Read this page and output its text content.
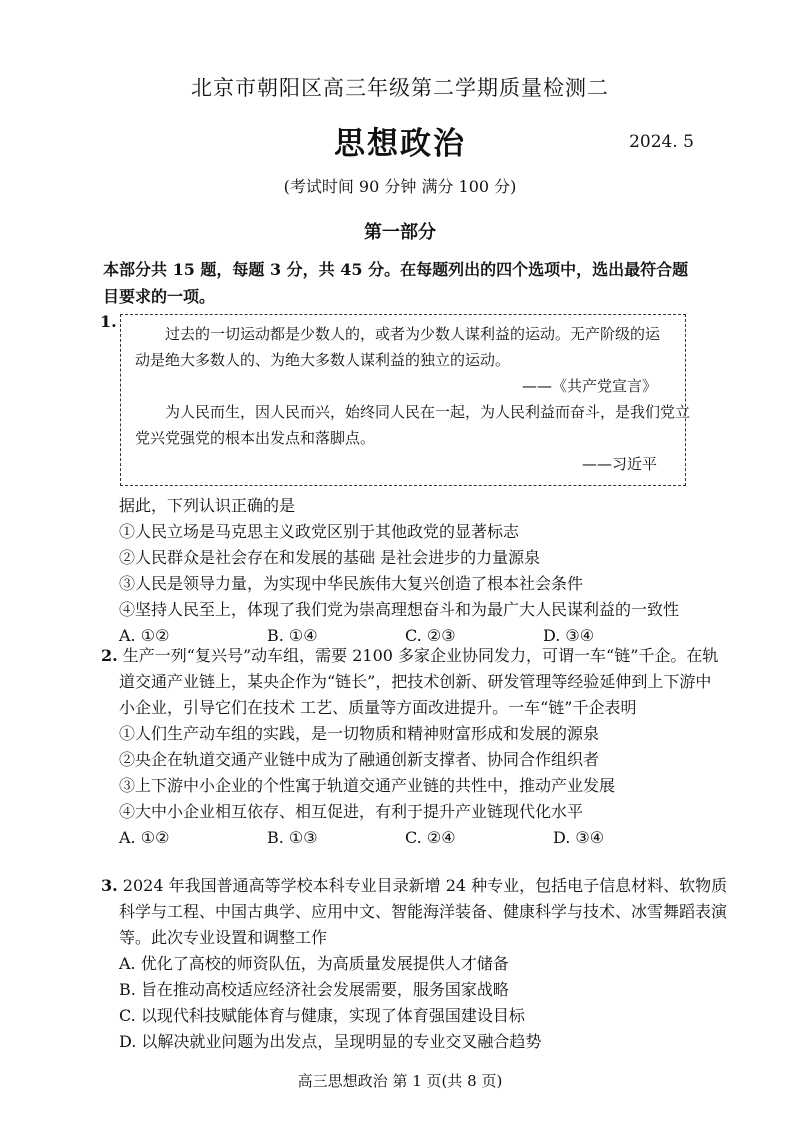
北京市朝阳区高三年级第二学期质量检测二
思想政治	2024. 5
(考试时间 90 分钟 满分 100 分)
第一部分
本部分共 15 题，每题 3 分，共 45 分。在每题列出的四个选项中，选出最符合题目要求的一项。
1.
过去的一切运动都是少数人的，或者为少数人谋利益的运动。无产阶级的运
动是绝大多数人的、为绝大多数人谋利益的独立的运动。
——《共产党宣言》
为人民而生，因人民而兴，始终同人民在一起，为人民利益而奋斗，是我们党立
党兴党强党的根本出发点和落脚点。
——习近平
据此，下列认识正确的是
①人民立场是马克思主义政党区别于其他政党的显著标志
②人民群众是社会存在和发展的基础 是社会进步的力量源泉
③人民是领导力量，为实现中华民族伟大复兴创造了根本社会条件
④坚持人民至上，体现了我们党为崇高理想奋斗和为最广大人民谋利益的一致性
A. ①②	B. ①④	C. ②③	D. ③④
2. 生产一列“复兴号”动车组，需要 2100 多家企业协同发力，可谓一车“链”千企。在轨
道交通产业链上，某央企作为“链长”，把技术创新、研发管理等经验延伸到上下游中
小企业，引导它们在技术 工艺、质量等方面改进提升。一车“链”千企表明
①人们生产动车组的实践，是一切物质和精神财富形成和发展的源泉
②央企在轨道交通产业链中成为了融通创新支撑者、协同合作组织者
③上下游中小企业的个性寓于轨道交通产业链的共性中，推动产业发展
④大中小企业相互依存、相互促进，有利于提升产业链现代化水平
A. ①②	B. ①③	C. ②④	D. ③④
3. 2024 年我国普通高等学校本科专业目录新增 24 种专业，包括电子信息材料、软物质
科学与工程、中国古典学、应用中文、智能海洋装备、健康科学与技术、冰雪舞蹈表演
等。此次专业设置和调整工作
A. 优化了高校的师资队伍，为高质量发展提供人才储备
B. 旨在推动高校适应经济社会发展需要，服务国家战略
C. 以现代科技赋能体育与健康，实现了体育强国建设目标
D. 以解决就业问题为出发点，呈现明显的专业交叉融合趋势
高三思想政治 第 1 页(共 8 页)
